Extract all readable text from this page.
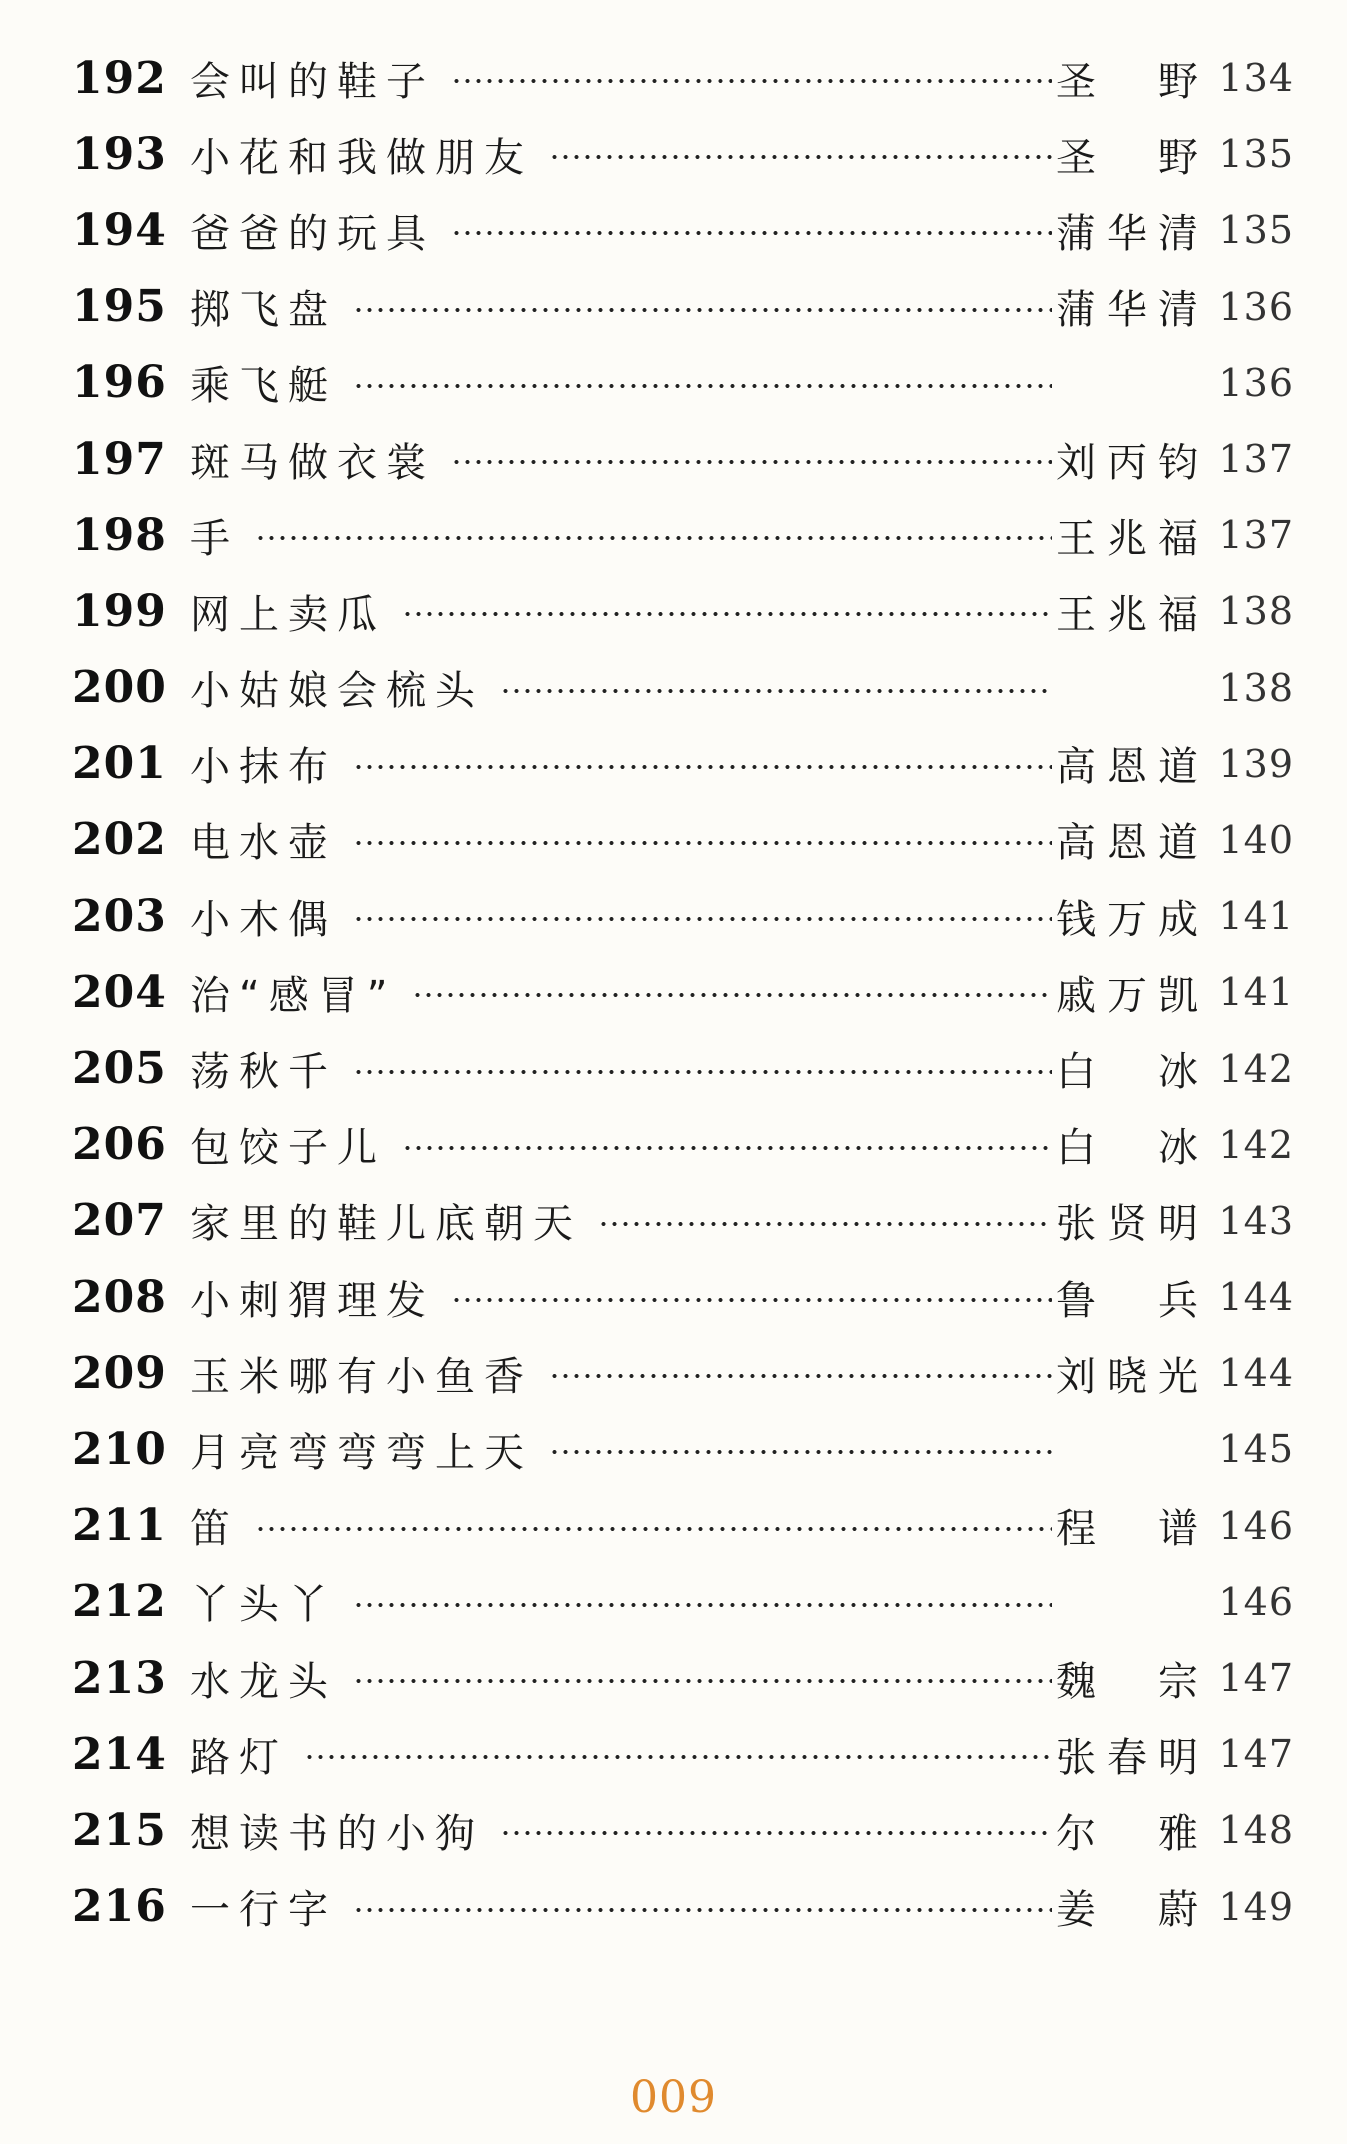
192 会叫的鞋子	圣野 134
193 小花和我做朋友	圣野 135
194 爸爸的玩具	蒲华清 135
195 掷飞盘	蒲华清 136
196 乘飞艇	136
197 斑马做衣裳	刘丙钧 137
198 手	王兆福 137
199 网上卖瓜	王兆福 138
200 小姑娘会梳头	138
201 小抹布	高恩道 139
202 电水壶	高恩道 140
203 小木偶	钱万成 141
204 治“感冒”	戚万凯 141
205 荡秋千	白冰 142
206 包饺子儿	白冰 142
207 家里的鞋儿底朝天	张贤明 143
208 小刺猬理发	鲁兵 144
209 玉米哪有小鱼香	刘晓光 144
210 月亮弯弯弯上天	145
211 笛	程谱 146
212 丫头丫	146
213 水龙头	魏宗 147
214 路灯	张春明 147
215 想读书的小狗	尔雅 148
216 一行字	姜蔚 149
009
